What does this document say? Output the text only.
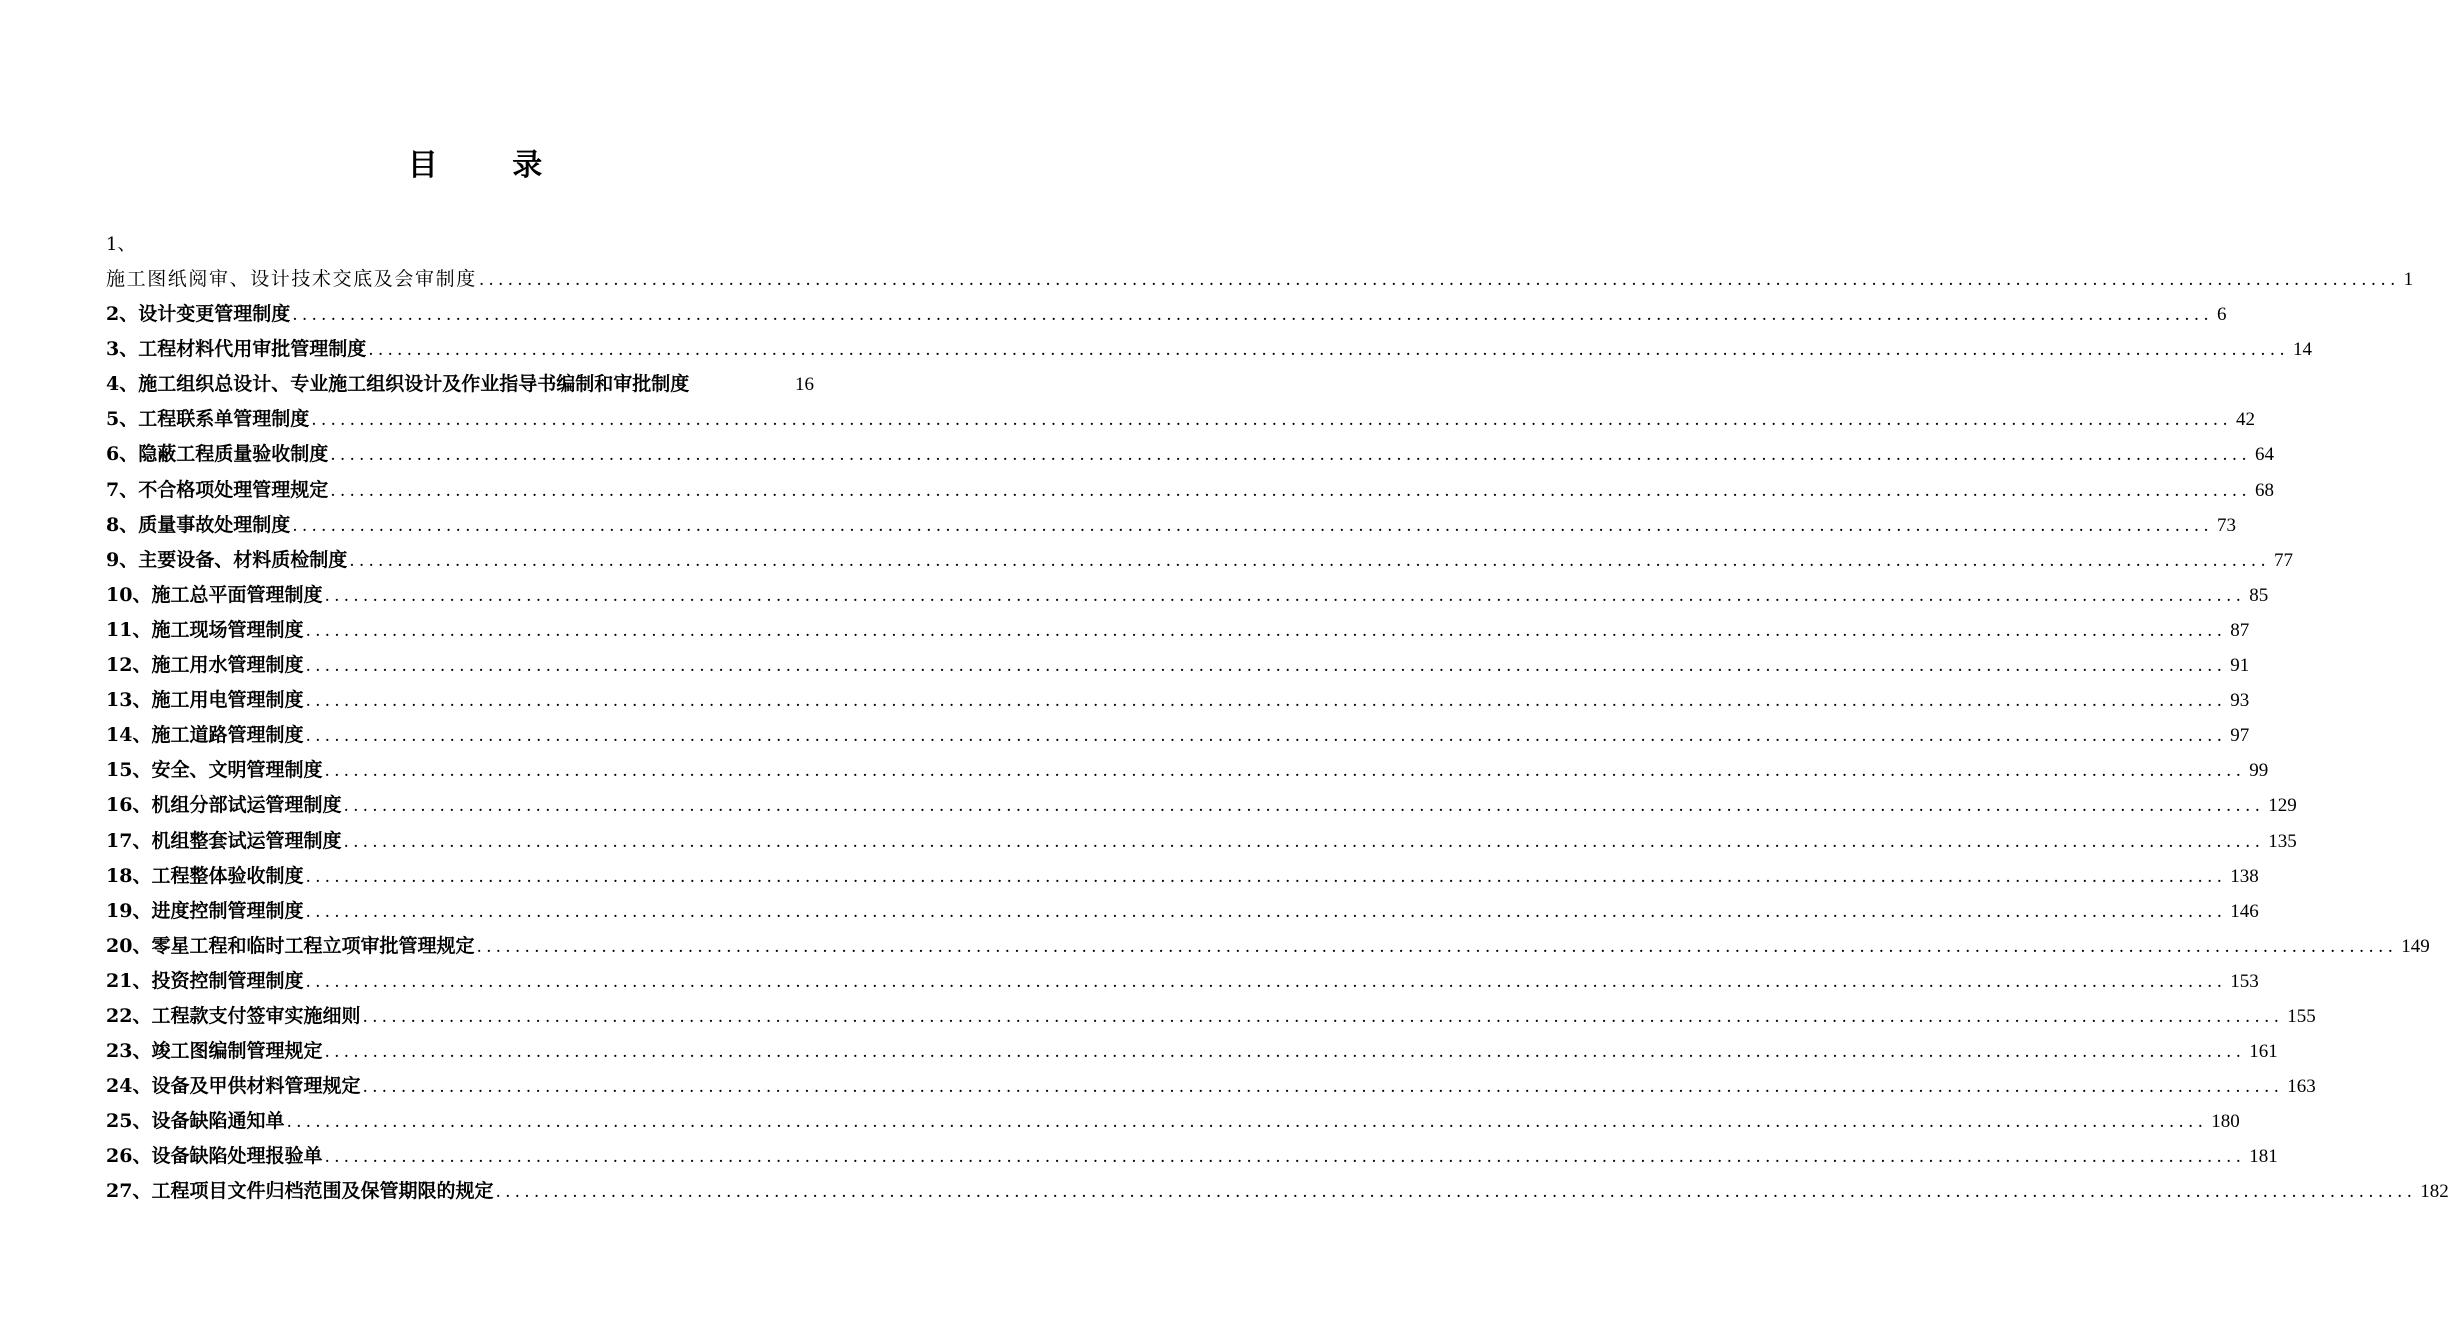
目 录
1、
施工图纸阅审、设计技术交底及会审制度 ........................................................................................................................................................................................................ 1
2、设计变更管理制度 ........................................................................................................................................................................................................ 6
3、工程材料代用审批管理制度 ........................................................................................................................................................................................................ 14
4、施工组织总设计、专业施工组织设计及作业指导书编制和审批制度	16
5、工程联系单管理制度 ........................................................................................................................................................................................................ 42
6、隐蔽工程质量验收制度 ........................................................................................................................................................................................................ 64
7、不合格项处理管理规定 ........................................................................................................................................................................................................ 68
8、质量事故处理制度 ........................................................................................................................................................................................................ 73
9、主要设备、材料质检制度 ........................................................................................................................................................................................................ 77
10、施工总平面管理制度 ........................................................................................................................................................................................................ 85
11、施工现场管理制度 ........................................................................................................................................................................................................ 87
12、施工用水管理制度 ........................................................................................................................................................................................................ 91
13、施工用电管理制度 ........................................................................................................................................................................................................ 93
14、施工道路管理制度 ........................................................................................................................................................................................................ 97
15、安全、文明管理制度 ........................................................................................................................................................................................................ 99
16、机组分部试运管理制度 ........................................................................................................................................................................................................ 129
17、机组整套试运管理制度 ........................................................................................................................................................................................................ 135
18、工程整体验收制度 ........................................................................................................................................................................................................ 138
19、进度控制管理制度 ........................................................................................................................................................................................................ 146
20、零星工程和临时工程立项审批管理规定 ........................................................................................................................................................................................................ 149
21、投资控制管理制度 ........................................................................................................................................................................................................ 153
22、工程款支付签审实施细则 ........................................................................................................................................................................................................ 155
23、竣工图编制管理规定 ........................................................................................................................................................................................................ 161
24、设备及甲供材料管理规定 ........................................................................................................................................................................................................ 163
25、设备缺陷通知单 ........................................................................................................................................................................................................ 180
26、设备缺陷处理报验单 ........................................................................................................................................................................................................ 181
27、工程项目文件归档范围及保管期限的规定 ........................................................................................................................................................................................................ 182
